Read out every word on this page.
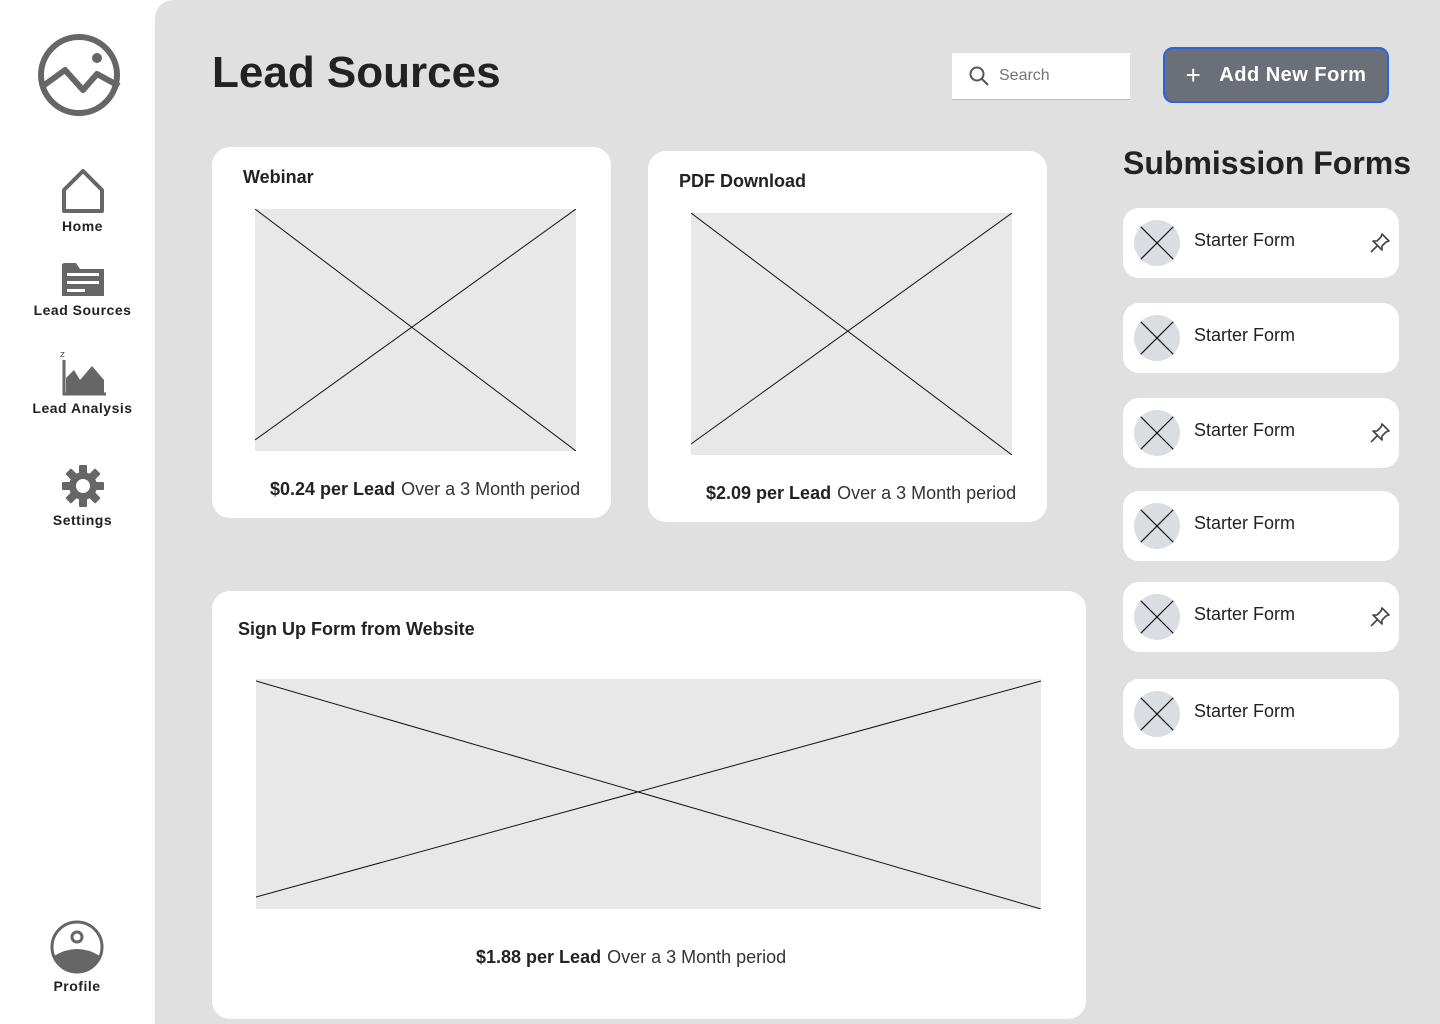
Home
Lead Sources
z
Lead Analysis
Settings
Profile
Lead Sources
Search	+ Add New Form
Webinar
$0.24 per Lead Over a 3 Month period
PDF Download
$2.09 per Lead Over a 3 Month period
Sign Up Form from Website
$1.88 per Lead Over a 3 Month period
Submission Forms
Starter Form
Starter Form
Starter Form
Starter Form
Starter Form
Starter Form
